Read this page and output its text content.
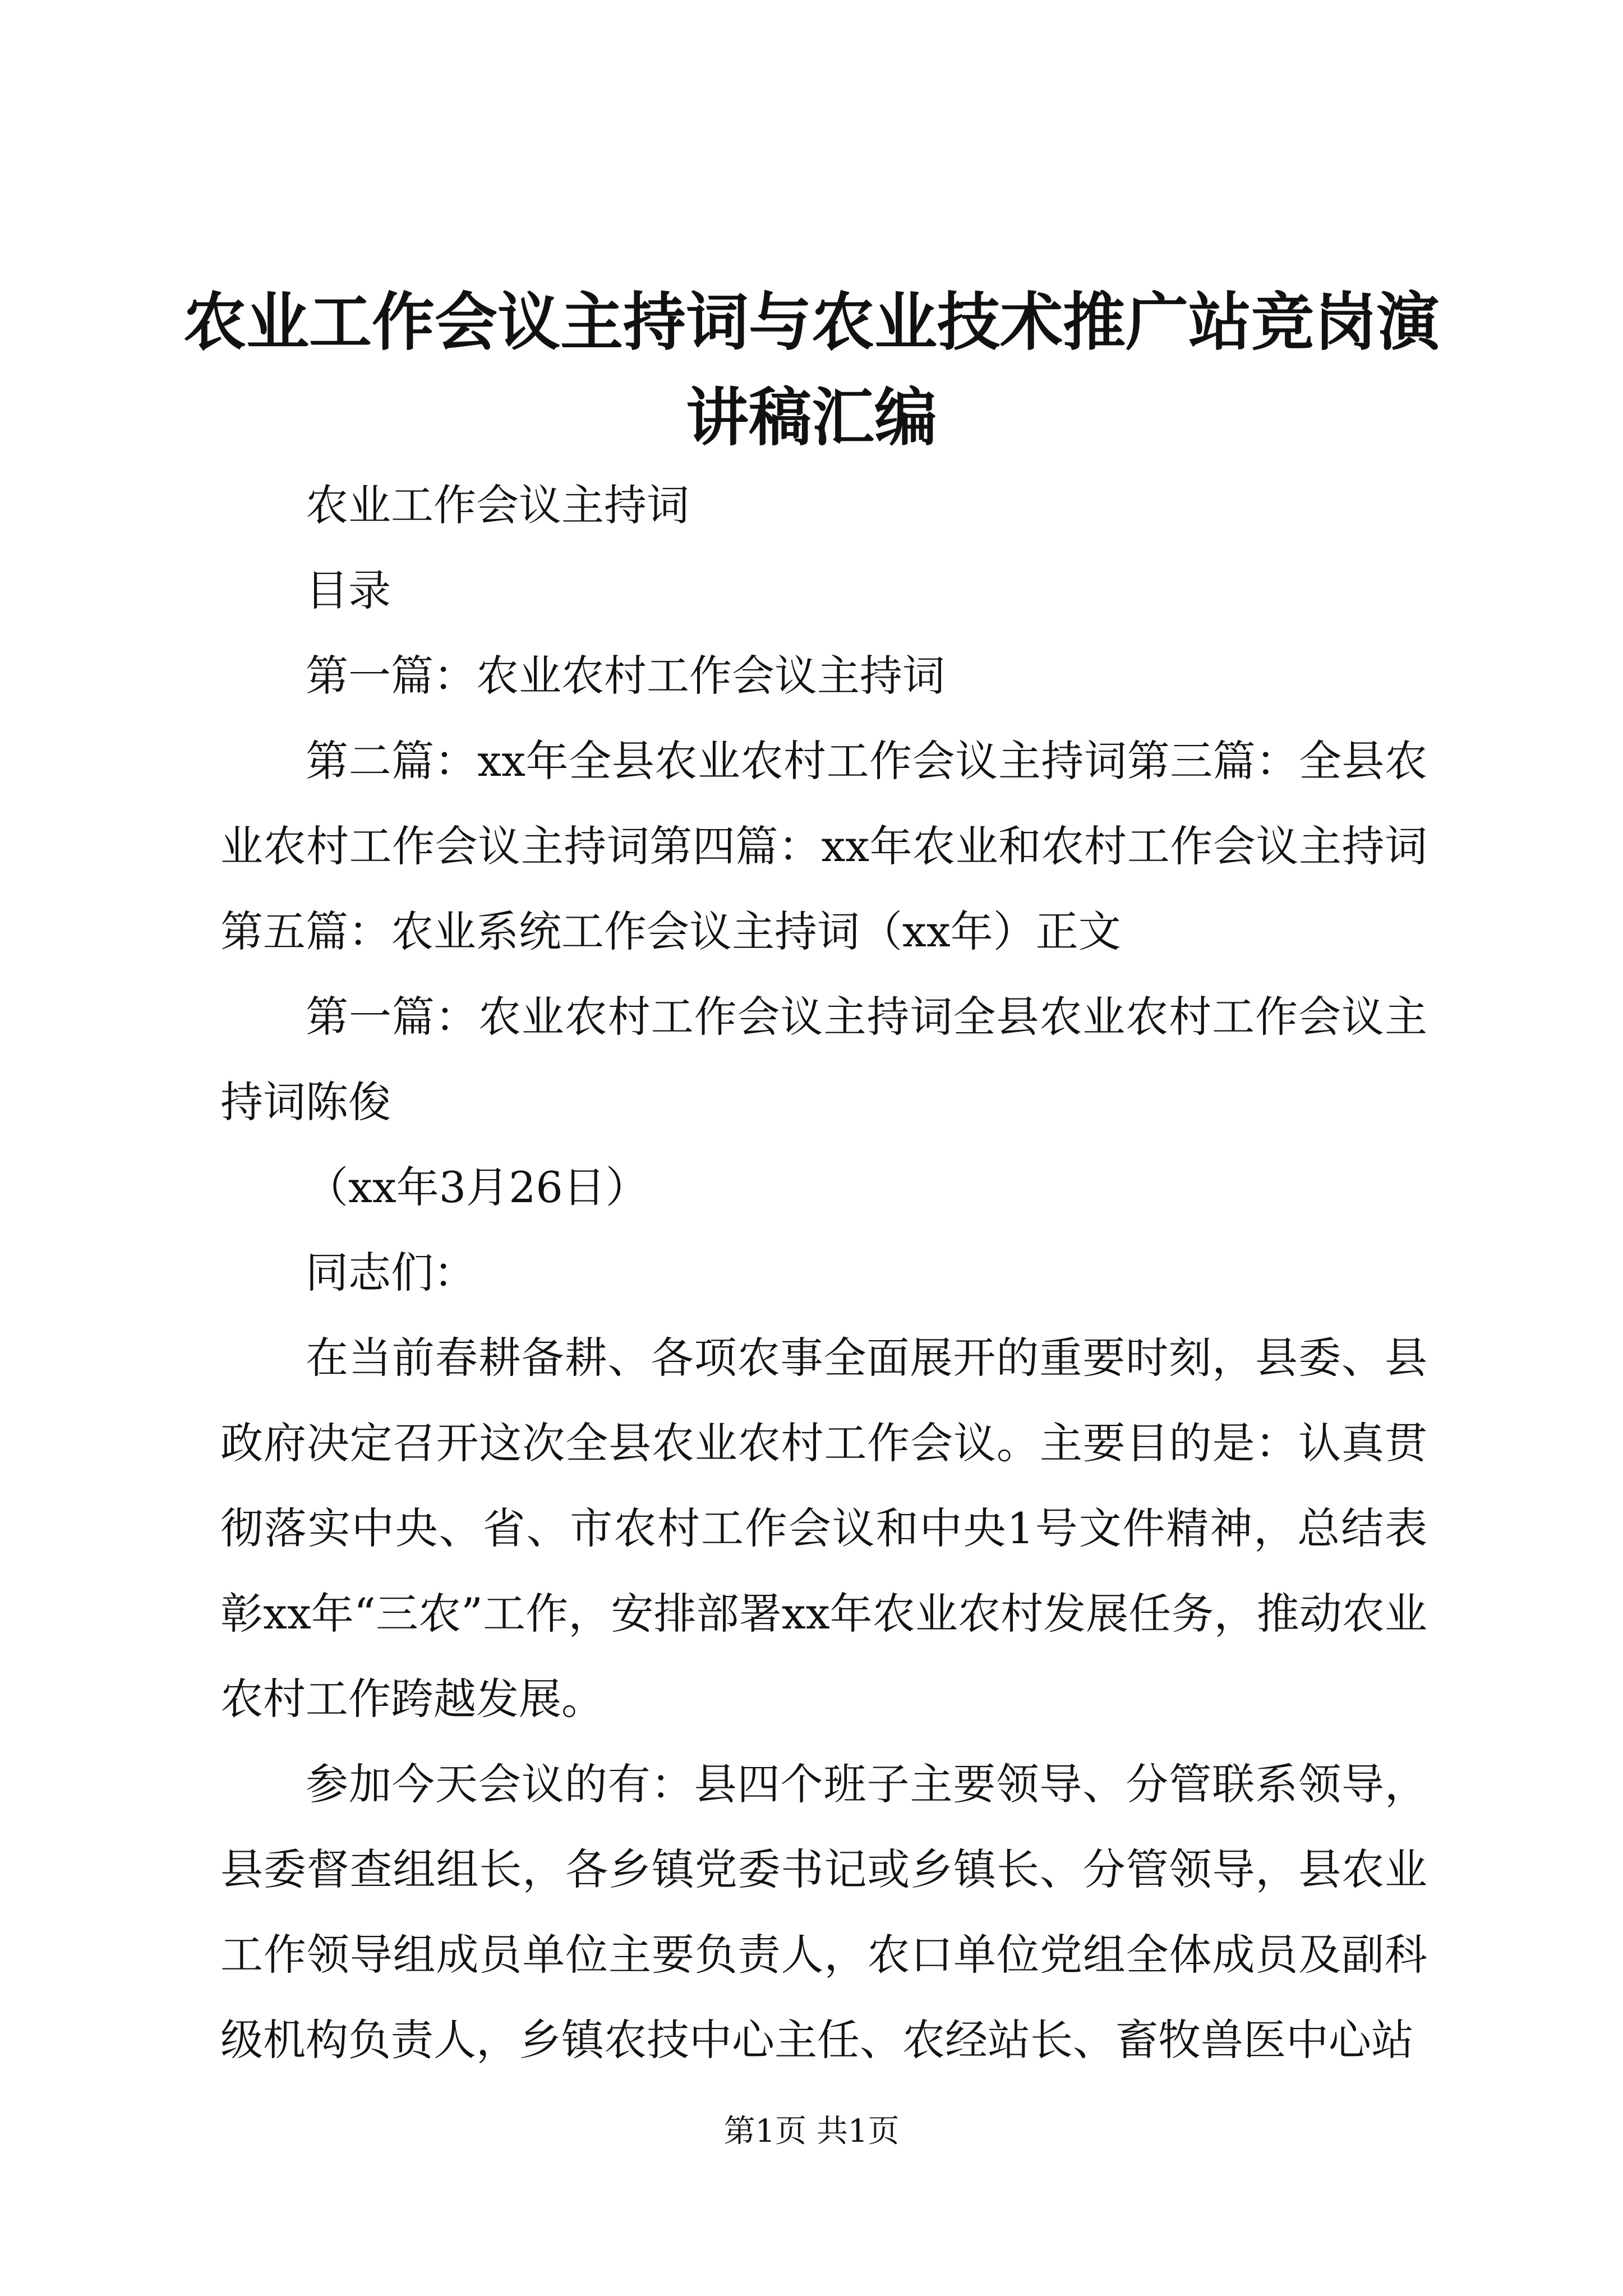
农业工作会议主持词与农业技术推广站竞岗演讲稿汇编

农业工作会议主持词

目录

第一篇：农业农村工作会议主持词

第二篇：xx年全县农业农村工作会议主持词第三篇：全县农业农村工作会议主持词第四篇：xx年农业和农村工作会议主持词第五篇：农业系统工作会议主持词（xx年）正文

第一篇：农业农村工作会议主持词全县农业农村工作会议主持词陈俊

（xx年3月26日）

同志们：

在当前春耕备耕、各项农事全面展开的重要时刻，县委、县政府决定召开这次全县农业农村工作会议。主要目的是：认真贯彻落实中央、省、市农村工作会议和中央1号文件精神，总结表彰xx年“三农”工作，安排部署xx年农业农村发展任务，推动农业农村工作跨越发展。

参加今天会议的有：县四个班子主要领导、分管联系领导，县委督查组组长，各乡镇党委书记或乡镇长、分管领导，县农业工作领导组成员单位主要负责人，农口单位党组全体成员及副科级机构负责人，乡镇农技中心主任、农经站长、畜牧兽医中心站

第1页 共1页
